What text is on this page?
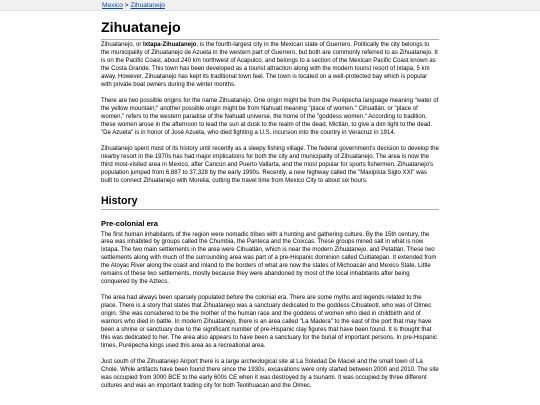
Mexico > Zihuatanejo
Zihuatanejo

Zihuatanejo, or Ixtapa-Zihuatanejo, is the fourth-largest city in the Mexican state of Guerrero. Politically the city belongs to the municipality of Zihuatanejo de Azueta in the western part of Guerrero, but both are commonly referred to as Zihuatanejo. It is on the Pacific Coast, about 240 km northwest of Acapulco, and belongs to a section of the Mexican Pacific Coast known as the Costa Grande. This town has been developed as a tourist attraction along with the modern tourist resort of Ixtapa, 5 km away. However, Zihuatanejo has kept its traditional town feel. The town is located on a well-protected bay which is popular with private boat owners during the winter months.

There are two possible origins for the name Zihuatanejo. One origin might be from the Purépecha language meaning "water of the yellow mountain;" another possible origin might be from Nahuatl meaning "place of women." Cihuatlán, or "place of women," refers to the western paradise of the Nahuatl universe, the home of the "goddess women." According to tradition, these women arose in the afternoon to lead the sun at dusk to the realm of the dead, Mictlán, to give a dim light to the dead. "De Azueta" is in honor of José Azueta, who died fighting a U.S. incursion into the country in Veracruz in 1914.

Zihuatanejo spent most of its history until recently as a sleepy fishing village. The federal government's decision to develop the nearby resort in the 1970s has had major implications for both the city and municipality of Zihuatanejo. The area is now the third most-visited area in Mexico, after Cancún and Puerto Vallarta, and the most popular for sports fishermen. Zihuatanejo's population jumped from 6,887 to 37,328 by the early 1990s. Recently, a new highway called the "Maxipista Siglo XXI" was built to connect Zihuatanejo with Morelia, cutting the travel time from Mexico City to about six hours.

History
Pre-colonial era

The first human inhabitants of the region were nomadic tribes with a hunting and gathering culture. By the 15th century, the area was inhabited by groups called the Chumbia, the Panteca and the Coixcas. These groups mined salt in what is now Ixtapa. The two main settlements in the area were Cihuatlán, which is near the modern Zihuatanejo, and Petatlán. These two settlements along with much of the surrounding area was part of a pre-Hispanic dominion called Cuitlatepan. It extended from the Atoyac River along the coast and inland to the borders of what are now the states of Michoacán and Mexico State. Little remains of these two settlements, mostly because they were abandoned by most of the local inhabitants after being conquered by the Aztecs.

The area had always been sparsely populated before the colonial era. There are some myths and legends related to the place. There is a story that states that Zihuatanejo was a sanctuary dedicated to the goddess Cihuateotl, who was of Olmec origin. She was considered to be the mother of the human race and the goddess of women who died in childbirth and of warriors who died in battle. In modern Zihuatanejo, there is an area called "La Madera" to the east of the port that may have been a shrine or sanctuary due to the significant number of pre-Hispanic clay figures that have been found. It is thought that this was dedicated to her. The area also appears to have been a sanctuary for the burial of important persons. In pre-Hispanic times, Purépecha kings used this area as a recreational area.

Just south of the Zihuatanejo Airport there is a large archeological site at La Soledad De Maciel and the small town of La Chole. While artifacts have been found there since the 1930s, excavations were only started between 2000 and 2010. The site was occupied from 3000 BCE to the early 600s CE when it was destroyed by a tsunami. It was occupied by three different cultures and was an important trading city for both Teotihuacan and the Olmec.
